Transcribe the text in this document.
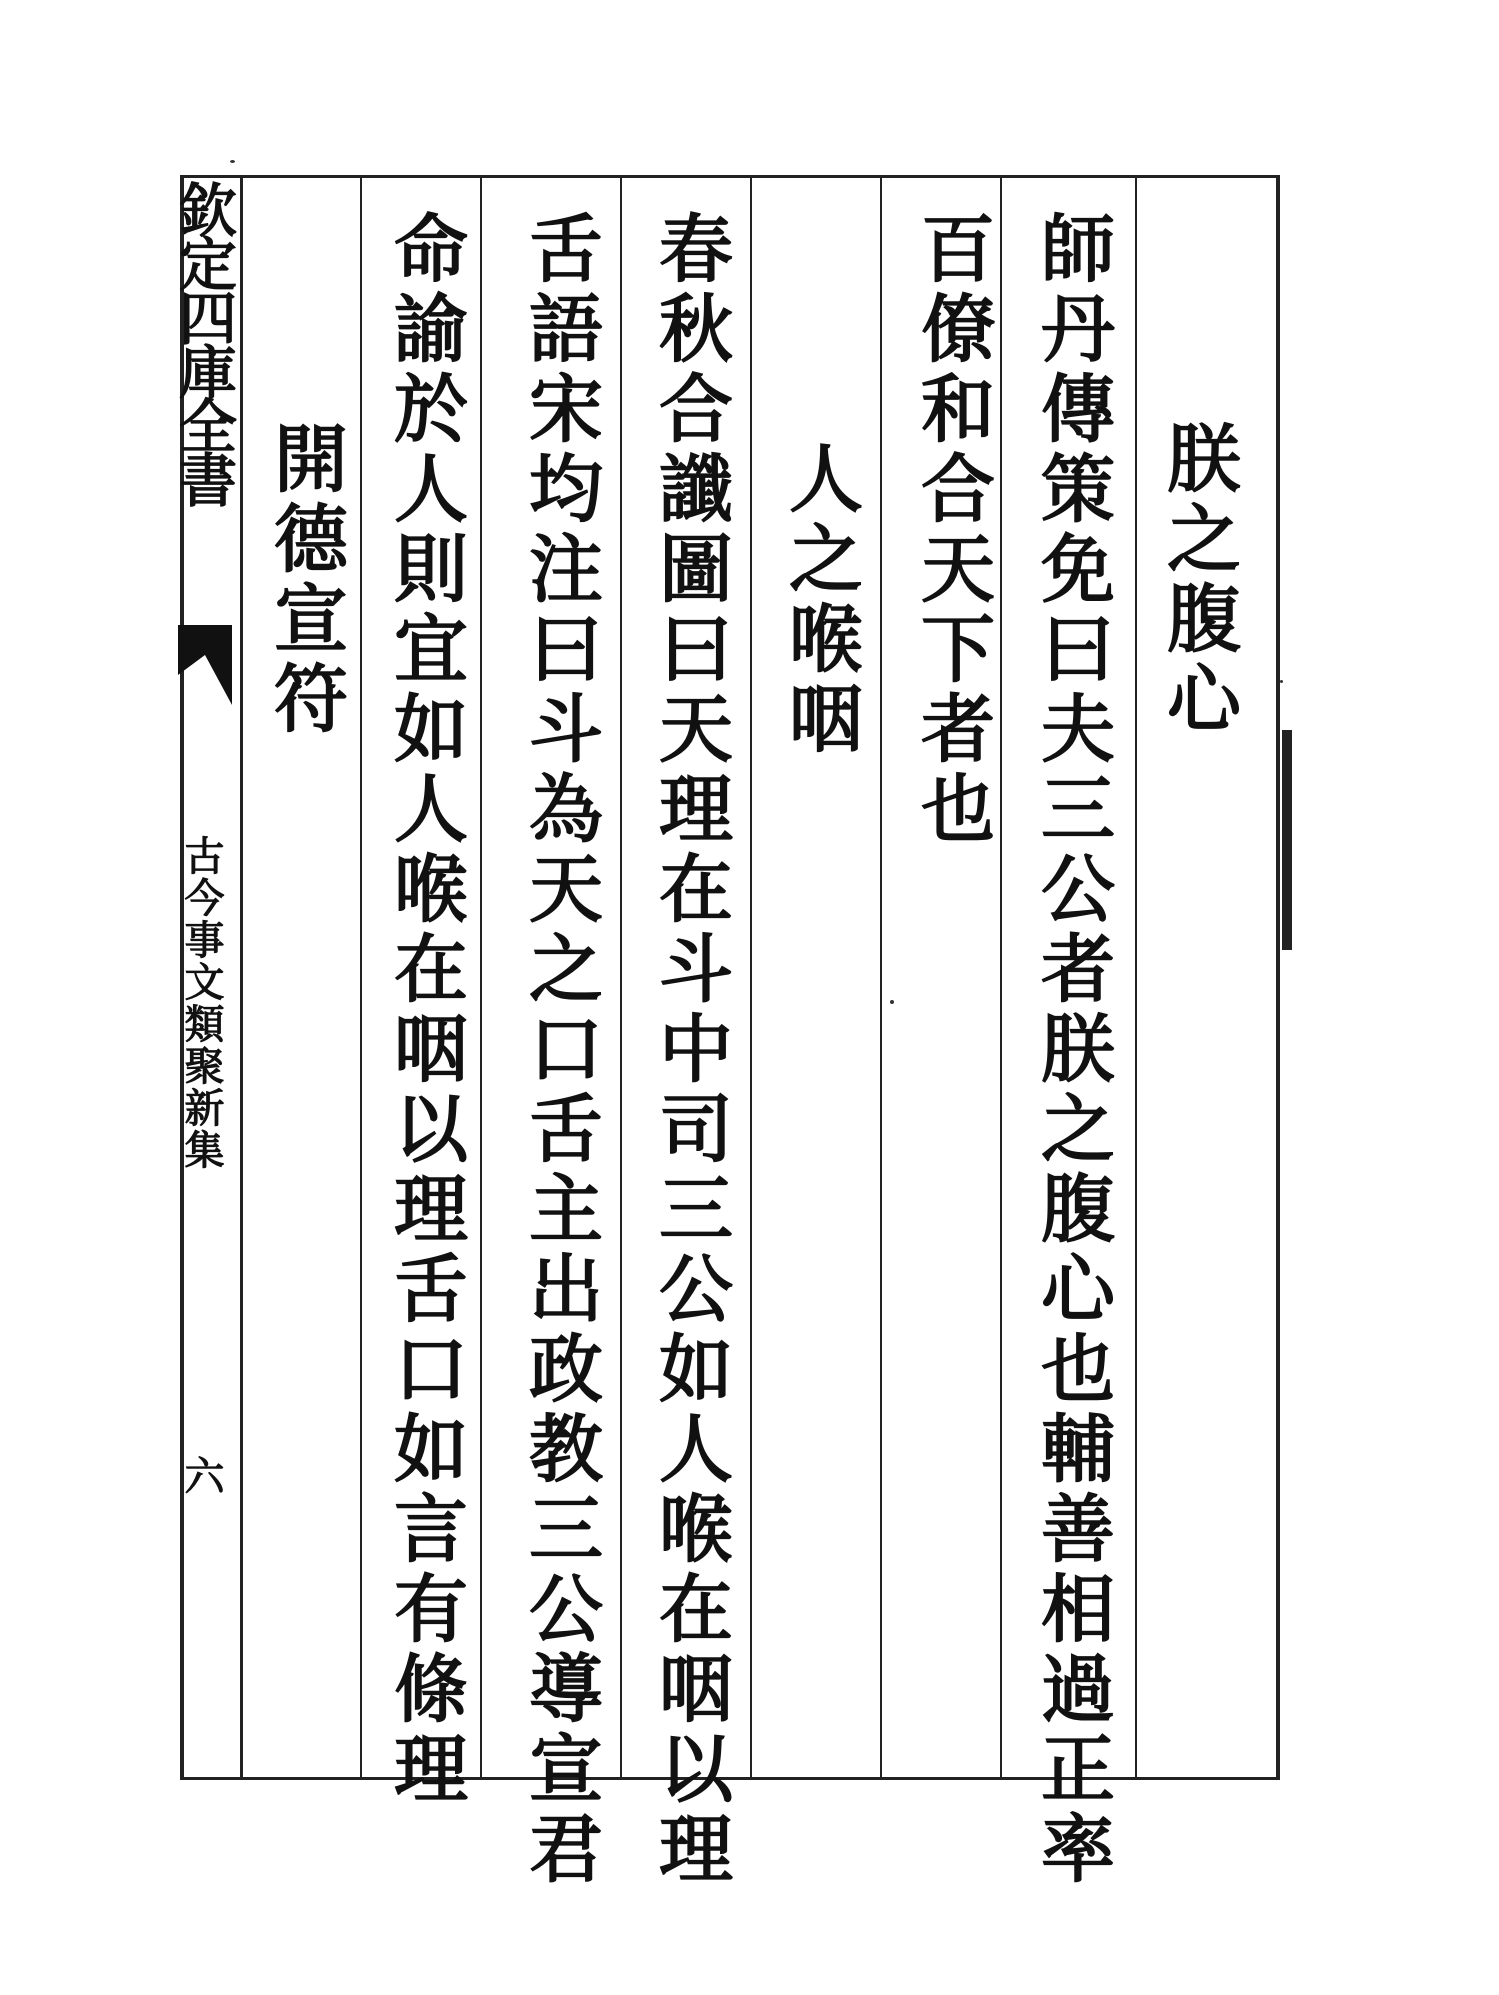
欽定四庫全書
古今事文類聚新集
六
朕之腹心
師丹傳策免曰夫三公者朕之腹心也輔善相過正率
百僚和合天下者也
人之喉咽
春秋合讖圖曰天理在斗中司三公如人喉在咽以理
舌語宋均注曰斗為天之口舌主出政教三公導宣君
命諭於人則宜如人喉在咽以理舌口如言有條理
開德宣符
